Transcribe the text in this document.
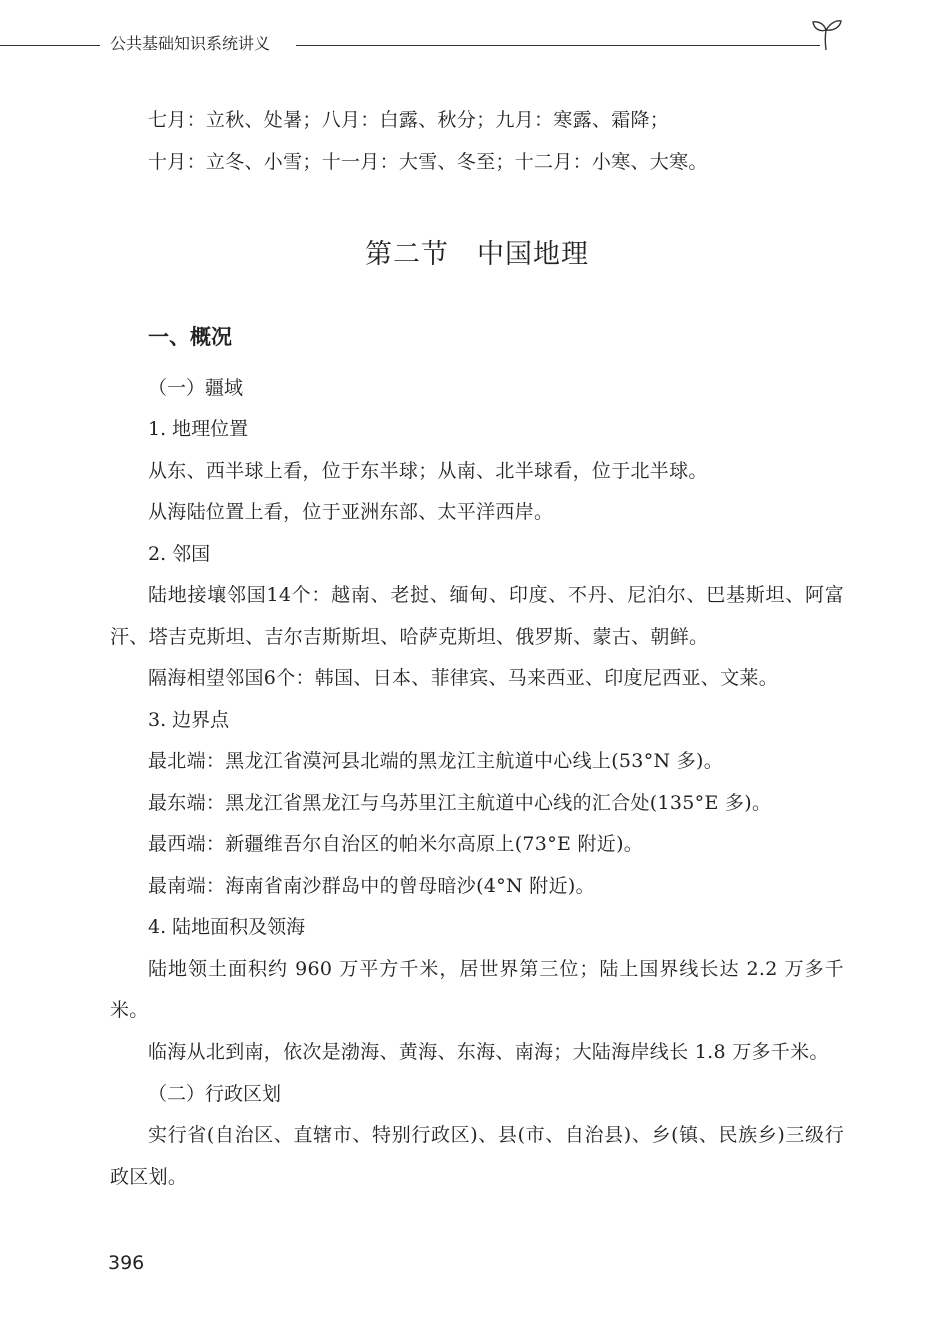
公共基础知识系统讲义

七月：立秋、处暑；八月：白露、秋分；九月：寒露、霜降；

十月：立冬、小雪；十一月：大雪、冬至；十二月：小寒、大寒。

第二节　中国地理
一、概况
（一）疆域
1. 地理位置

从东、西半球上看，位于东半球；从南、北半球看，位于北半球。

从海陆位置上看，位于亚洲东部、太平洋西岸。

2. 邻国

陆地接壤邻国14个：越南、老挝、缅甸、印度、不丹、尼泊尔、巴基斯坦、阿富汗、塔吉克斯坦、吉尔吉斯斯坦、哈萨克斯坦、俄罗斯、蒙古、朝鲜。

隔海相望邻国6个：韩国、日本、菲律宾、马来西亚、印度尼西亚、文莱。

3. 边界点

最北端：黑龙江省漠河县北端的黑龙江主航道中心线上(53°N 多)。

最东端：黑龙江省黑龙江与乌苏里江主航道中心线的汇合处(135°E 多)。

最西端：新疆维吾尔自治区的帕米尔高原上(73°E 附近)。

最南端：海南省南沙群岛中的曾母暗沙(4°N 附近)。

4. 陆地面积及领海

陆地领土面积约 960 万平方千米，居世界第三位；陆上国界线长达 2.2 万多千米。

临海从北到南，依次是渤海、黄海、东海、南海；大陆海岸线长 1.8 万多千米。

（二）行政区划

实行省(自治区、直辖市、特别行政区)、县(市、自治县)、乡(镇、民族乡)三级行政区划。

396
